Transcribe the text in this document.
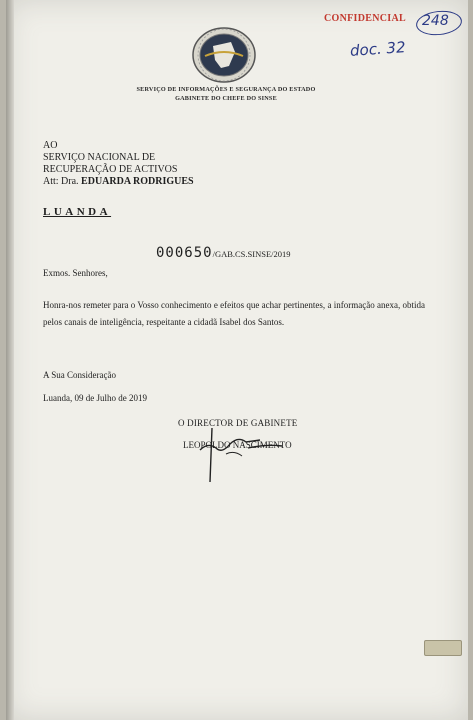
CONFIDENCIAL 248
doc. 32
SERVIÇO DE INFORMAÇÕES E SEGURANÇA DO ESTADO
GABINETE DO CHEFE DO SINSE
AO
SERVIÇO NACIONAL DE
RECUPERAÇÃO DE ACTIVOS
Att: Dra. EDUARDA RODRIGUES
LUANDA
000650/GAB.CS.SINSE/2019
Exmos. Senhores,
Honra-nos remeter para o Vosso conhecimento e efeitos que achar pertinentes, a informação anexa, obtida pelos canais de inteligência, respeitante a cidadã Isabel dos Santos.
A Sua Consideração
Luanda, 09 de Julho de 2019
O DIRECTOR DE GABINETE
LEOPOLDO NASCIMENTO
